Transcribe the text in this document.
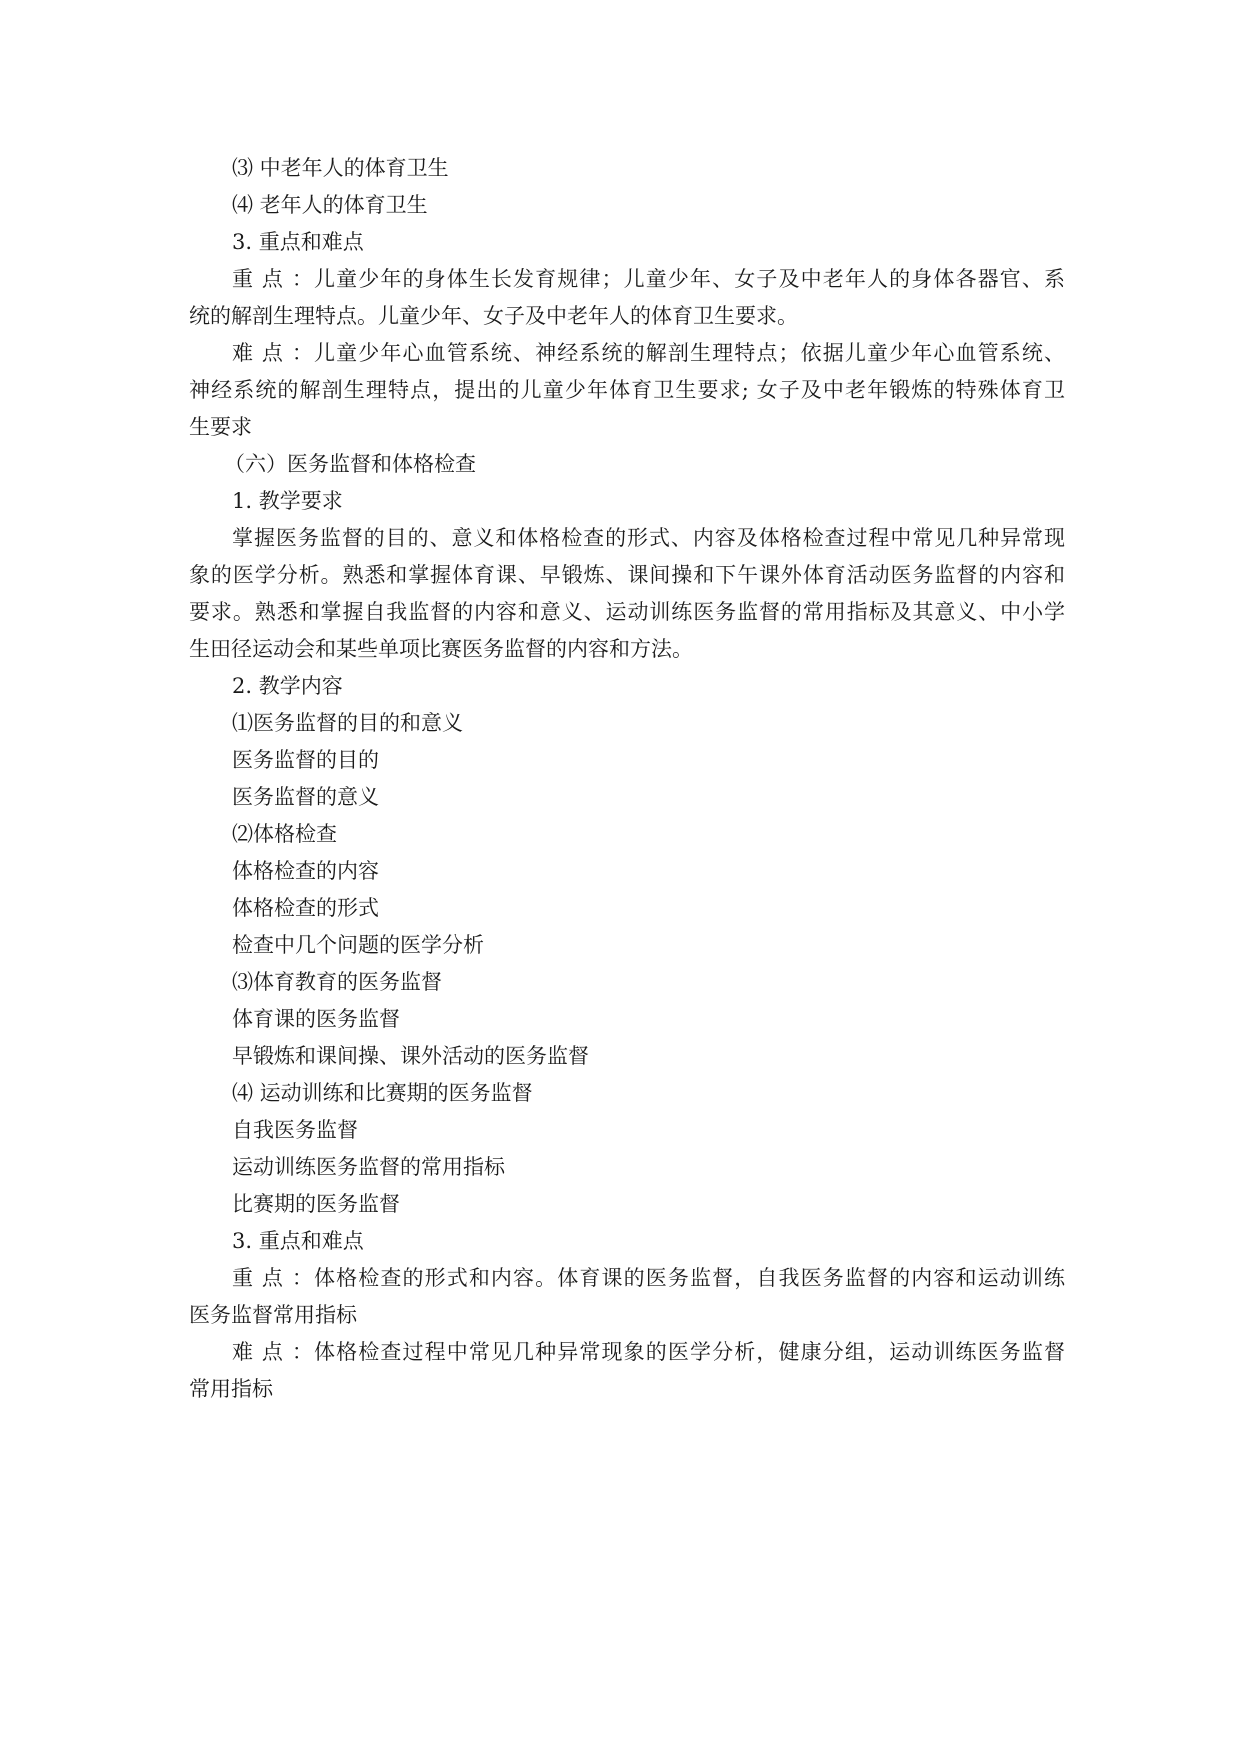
⑶ 中老年人的体育卫生
⑷ 老年人的体育卫生
3. 重点和难点
重 点 ：儿童少年的身体生长发育规律；儿童少年、女子及中老年人的身体各器官、系
统的解剖生理特点。儿童少年、女子及中老年人的体育卫生要求。
难 点 ：儿童少年心血管系统、神经系统的解剖生理特点；依据儿童少年心血管系统、
神经系统的解剖生理特点，提出的儿童少年体育卫生要求; 女子及中老年锻炼的特殊体育卫
生要求
（六）医务监督和体格检查
1. 教学要求
掌握医务监督的目的、意义和体格检查的形式、内容及体格检查过程中常见几种异常现
象的医学分析。熟悉和掌握体育课、早锻炼、课间操和下午课外体育活动医务监督的内容和
要求。熟悉和掌握自我监督的内容和意义、运动训练医务监督的常用指标及其意义、中小学
生田径运动会和某些单项比赛医务监督的内容和方法。
2. 教学内容
⑴医务监督的目的和意义
医务监督的目的
医务监督的意义
⑵体格检查
体格检查的内容
体格检查的形式
检查中几个问题的医学分析
⑶体育教育的医务监督
体育课的医务监督
早锻炼和课间操、课外活动的医务监督
⑷ 运动训练和比赛期的医务监督
自我医务监督
运动训练医务监督的常用指标
比赛期的医务监督
3. 重点和难点
重 点 ：体格检查的形式和内容。体育课的医务监督，自我医务监督的内容和运动训练
医务监督常用指标
难 点 ：体格检查过程中常见几种异常现象的医学分析，健康分组，运动训练医务监督
常用指标
